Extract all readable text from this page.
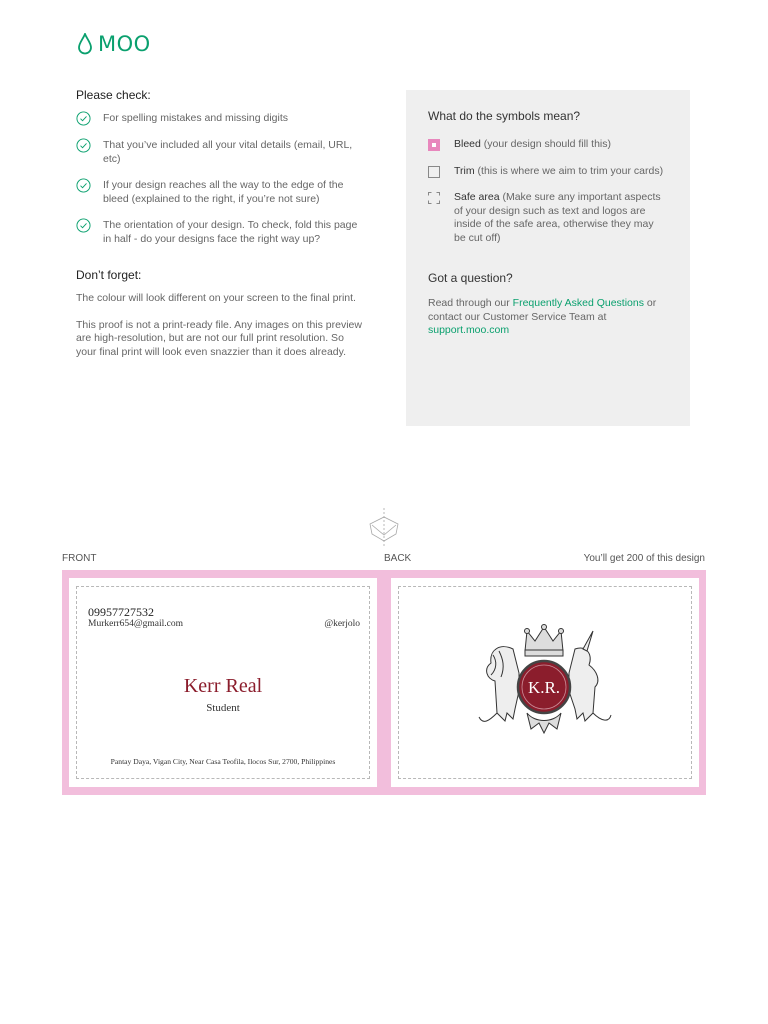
MOO
Please check:
For spelling mistakes and missing digits
That you’ve included all your vital details (email, URL, etc)
If your design reaches all the way to the edge of the bleed (explained to the right, if you’re not sure)
The orientation of your design. To check, fold this page in half - do your designs face the right way up?
Don’t forget:

The colour will look different on your screen to the final print.

This proof is not a print-ready file. Any images on this preview are high-resolution, but are not our full print resolution. So your final print will look even snazzier than it does already.

What do the symbols mean?
Bleed (your design should fill this)
Trim (this is where we aim to trim your cards)
Safe area (Make sure any important aspects of your design such as text and logos are inside of the safe area, otherwise they may be cut off)
Got a question?

Read through our Frequently Asked Questions or contact our Customer Service Team at support.moo.com

FRONT	BACK	You’ll get 200 of this design
09957727532
Murkerr654@gmail.com	@kerjolo
Kerr Real
Student
Pantay Daya, Vigan City, Near Casa Teofila, Ilocos Sur, 2700, Philippines
K.R.
